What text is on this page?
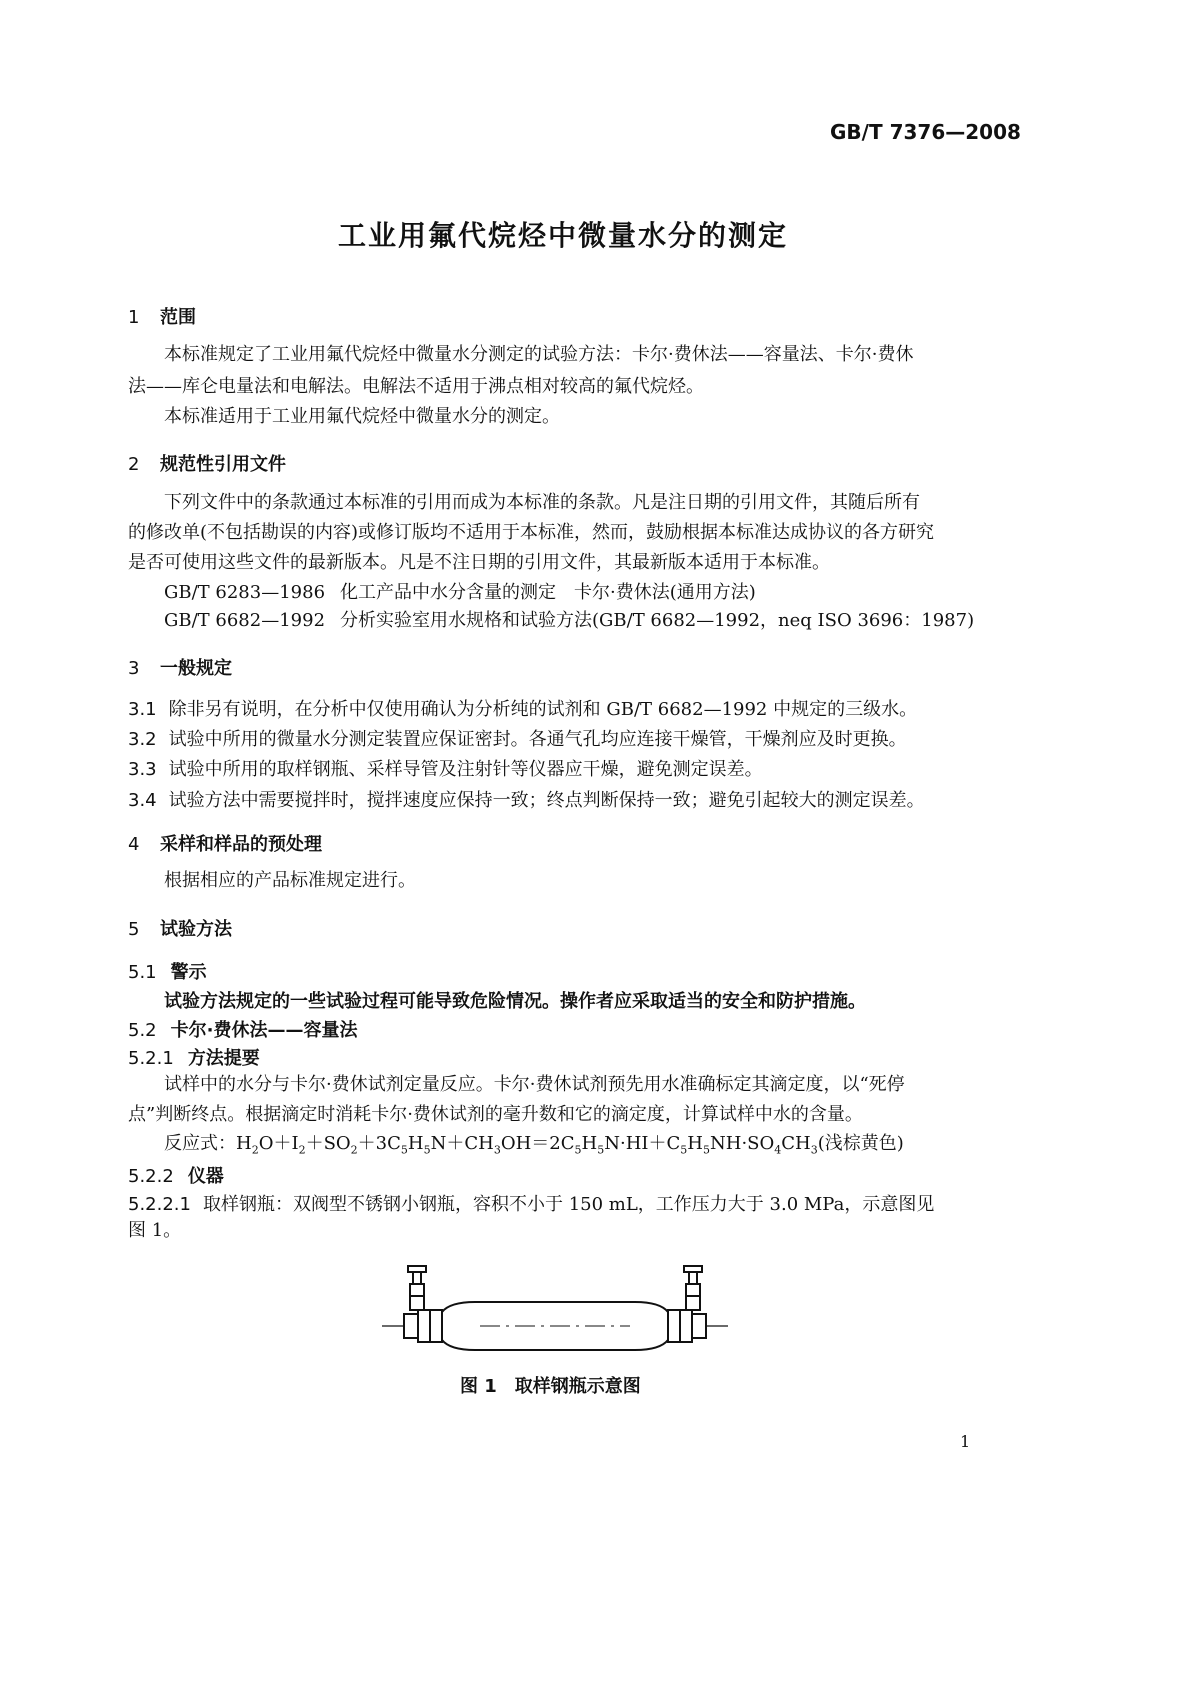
GB/T 7376—2008
工业用氟代烷烃中微量水分的测定
1 范围
本标准规定了工业用氟代烷烃中微量水分测定的试验方法：卡尔·费休法——容量法、卡尔·费休
法——库仑电量法和电解法。电解法不适用于沸点相对较高的氟代烷烃。
本标准适用于工业用氟代烷烃中微量水分的测定。
2 规范性引用文件
下列文件中的条款通过本标准的引用而成为本标准的条款。凡是注日期的引用文件，其随后所有
的修改单(不包括勘误的内容)或修订版均不适用于本标准，然而，鼓励根据本标准达成协议的各方研究
是否可使用这些文件的最新版本。凡是不注日期的引用文件，其最新版本适用于本标准。
GB/T 6283—1986 化工产品中水分含量的测定　卡尔·费休法(通用方法)
GB/T 6682—1992 分析实验室用水规格和试验方法(GB/T 6682—1992，neq ISO 3696：1987)
3 一般规定
3.1 除非另有说明，在分析中仅使用确认为分析纯的试剂和 GB/T 6682—1992 中规定的三级水。
3.2 试验中所用的微量水分测定装置应保证密封。各通气孔均应连接干燥管，干燥剂应及时更换。
3.3 试验中所用的取样钢瓶、采样导管及注射针等仪器应干燥，避免测定误差。
3.4 试验方法中需要搅拌时，搅拌速度应保持一致；终点判断保持一致；避免引起较大的测定误差。
4 采样和样品的预处理
根据相应的产品标准规定进行。
5 试验方法
5.1 警示
试验方法规定的一些试验过程可能导致危险情况。操作者应采取适当的安全和防护措施。
5.2 卡尔·费休法——容量法
5.2.1 方法提要
试样中的水分与卡尔·费休试剂定量反应。卡尔·费休试剂预先用水准确标定其滴定度，以“死停
点”判断终点。根据滴定时消耗卡尔·费休试剂的毫升数和它的滴定度，计算试样中水的含量。
反应式：$H_2O+I_2+SO_2+3C_5H_5N+CH_3OH=2C_5H_5N\cdot HI+C_5H_5NH\cdot SO_4CH_3$(浅棕黄色)
5.2.2 仪器
5.2.2.1 取样钢瓶：双阀型不锈钢小钢瓶，容积不小于 150 mL，工作压力大于 3.0 MPa，示意图见
图 1。
图 1　取样钢瓶示意图
1
